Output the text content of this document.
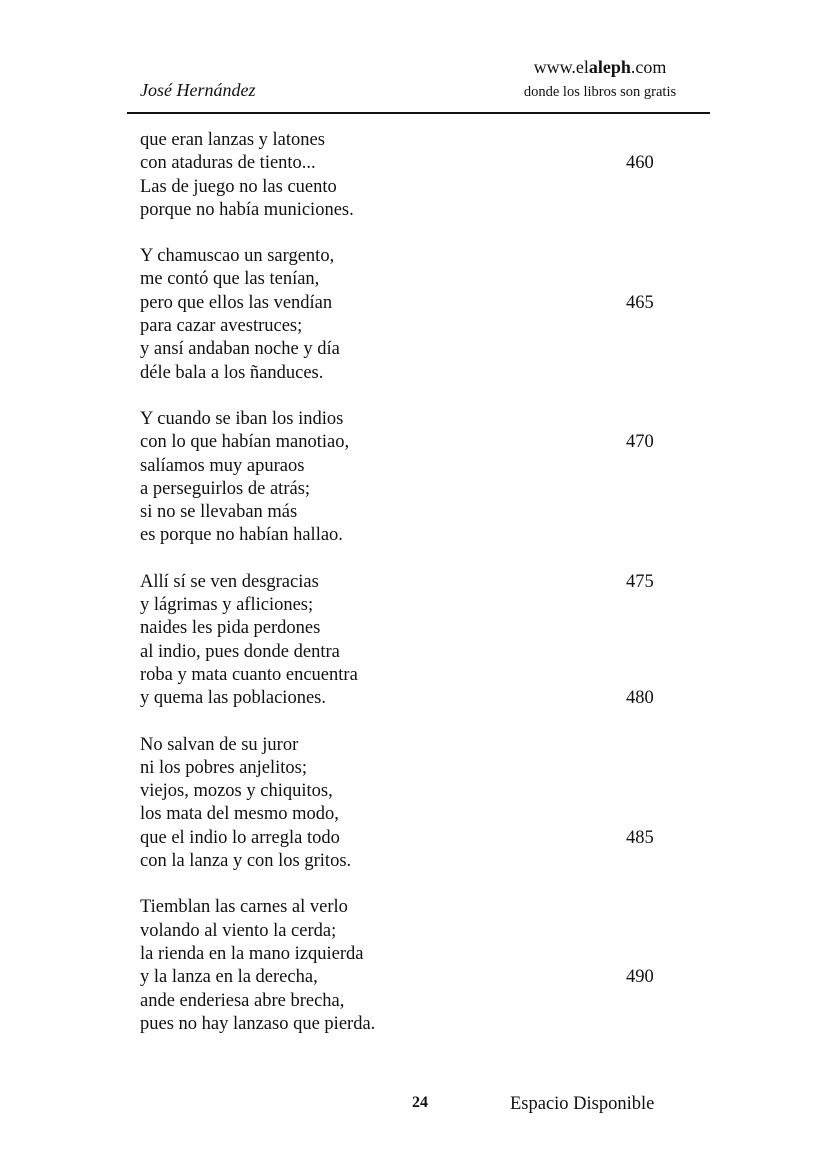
José Hernández
www.elaleph.com
donde los libros son gratis
que eran lanzas y latones
con ataduras de tiento...	460
Las de juego no las cuento
porque no había municiones.
Y chamuscao un sargento,
me contó que las tenían,
pero que ellos las vendían	465
para cazar avestruces;
y ansí andaban noche y día
déle bala a los ñanduces.
Y cuando se iban los indios
con lo que habían manotiao,	470
salíamos muy apuraos
a perseguirlos de atrás;
si no se llevaban más
es porque no habían hallao.
Allí sí se ven desgracias	475
y lágrimas y afliciones;
naides les pida perdones
al indio, pues donde dentra
roba y mata cuanto encuentra
y quema las poblaciones.	480
No salvan de su juror
ni los pobres anjelitos;
viejos, mozos y chiquitos,
los mata del mesmo modo,
que el indio lo arregla todo	485
con la lanza y con los gritos.
Tiemblan las carnes al verlo
volando al viento la cerda;
la rienda en la mano izquierda
y la lanza en la derecha,	490
ande enderiesa abre brecha,
pues no hay lanzaso que pierda.
24	Espacio Disponible
